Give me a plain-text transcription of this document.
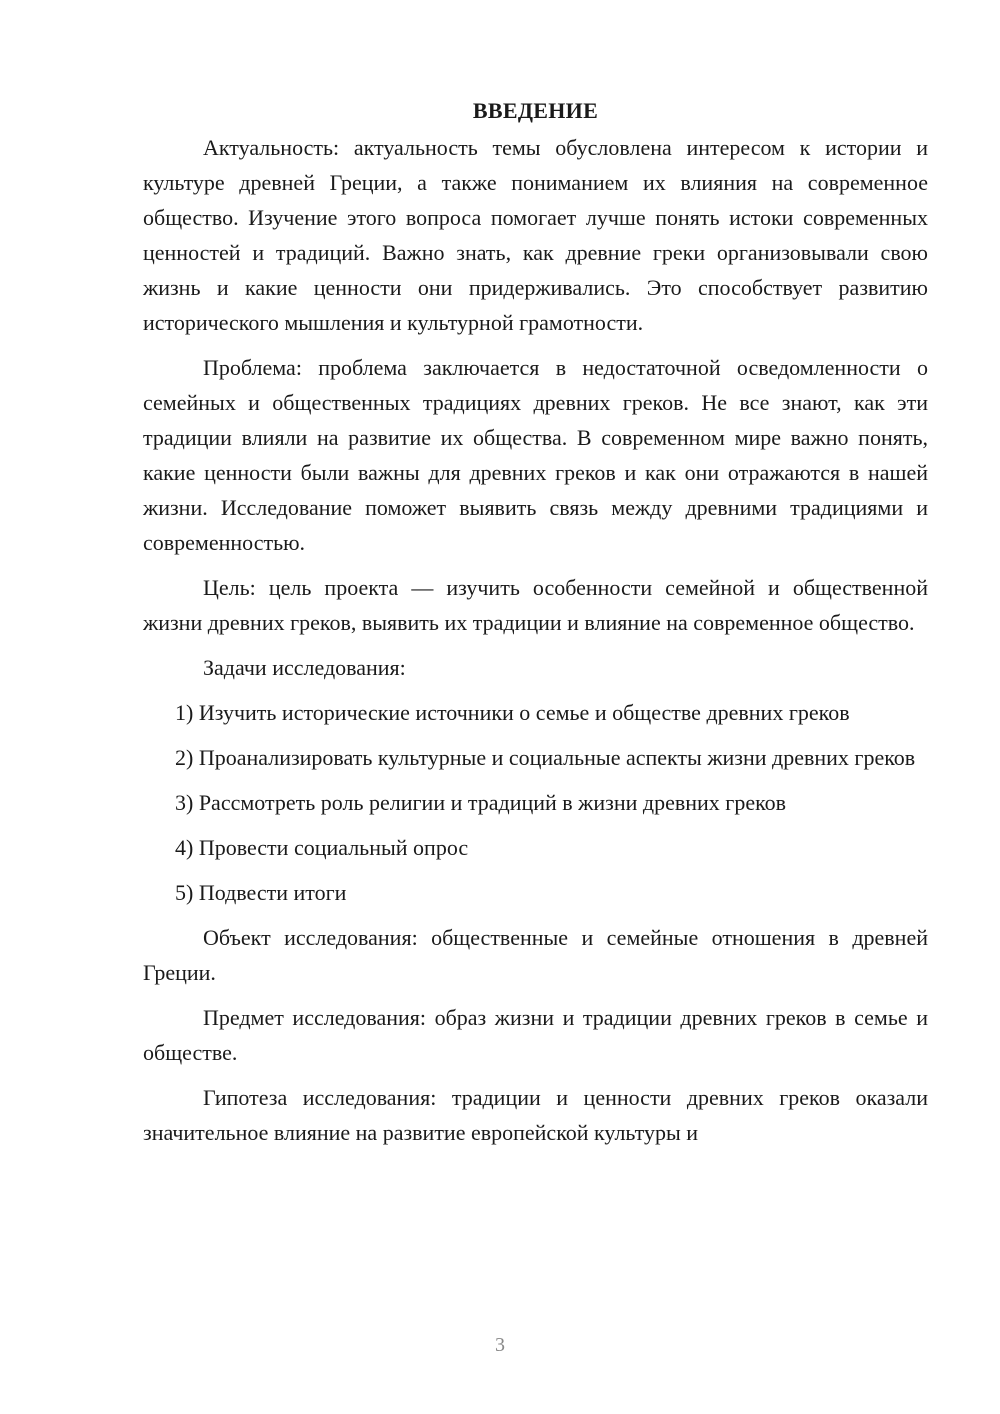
ВВЕДЕНИЕ

Актуальность: актуальность темы обусловлена интересом к истории и культуре древней Греции, а также пониманием их влияния на современное общество. Изучение этого вопроса помогает лучше понять истоки современных ценностей и традиций. Важно знать, как древние греки организовывали свою жизнь и какие ценности они придерживались. Это способствует развитию исторического мышления и культурной грамотности.

Проблема: проблема заключается в недостаточной осведомленности о семейных и общественных традициях древних греков. Не все знают, как эти традиции влияли на развитие их общества. В современном мире важно понять, какие ценности были важны для древних греков и как они отражаются в нашей жизни. Исследование поможет выявить связь между древними традициями и современностью.

Цель: цель проекта — изучить особенности семейной и общественной жизни древних греков, выявить их традиции и влияние на современное общество.

Задачи исследования:

1) Изучить исторические источники о семье и обществе древних греков

2) Проанализировать культурные и социальные аспекты жизни древних греков

3) Рассмотреть роль религии и традиций в жизни древних греков

4) Провести социальный опрос

5) Подвести итоги

Объект исследования: общественные и семейные отношения в древней Греции.

Предмет исследования: образ жизни и традиции древних греков в семье и обществе.

Гипотеза исследования: традиции и ценности древних греков оказали значительное влияние на развитие европейской культуры и

3
